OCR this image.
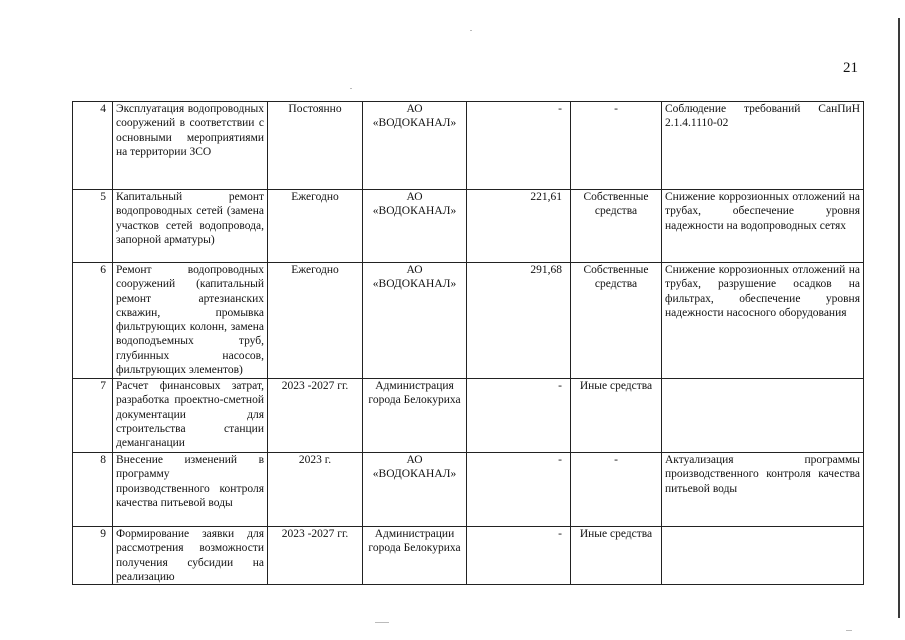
21
4	Эксплуатация водопроводных сооружений в соответствии с основными мероприятиями на территории ЗСО	Постоянно	АО «ВОДОКАНАЛ»	-	-	Соблюдение требований СанПиН 2.1.4.1110-02
5	Капитальный ремонт водопроводных сетей (замена участков сетей водопровода, запорной арматуры)	Ежегодно	АО «ВОДОКАНАЛ»	221,61	Собственные средства	Снижение коррозионных отложений на трубах, обеспечение уровня надежности на водопроводных сетях
6	Ремонт водопроводных сооружений (капитальный ремонт артезианских скважин, промывка фильтрующих колонн, замена водоподъемных труб, глубинных насосов, фильтрующих элементов)	Ежегодно	АО «ВОДОКАНАЛ»	291,68	Собственные средства	Снижение коррозионных отложений на трубах, разрушение осадков на фильтрах, обеспечение уровня надежности насосного оборудования
7	Расчет финансовых затрат, разработка проектно-сметной документации для строительства станции деманганации	2023 -2027 гг.	Администрация города Белокуриха	-	Иные средства	
8	Внесение изменений в программу производственного контроля качества питьевой воды	2023 г.	АО «ВОДОКАНАЛ»	-	-	Актуализация программы производственного контроля качества питьевой воды
9	Формирование заявки для рассмотрения возможности получения субсидии на реализацию	2023 -2027 гг.	Администрации города Белокуриха	-	Иные средства	
